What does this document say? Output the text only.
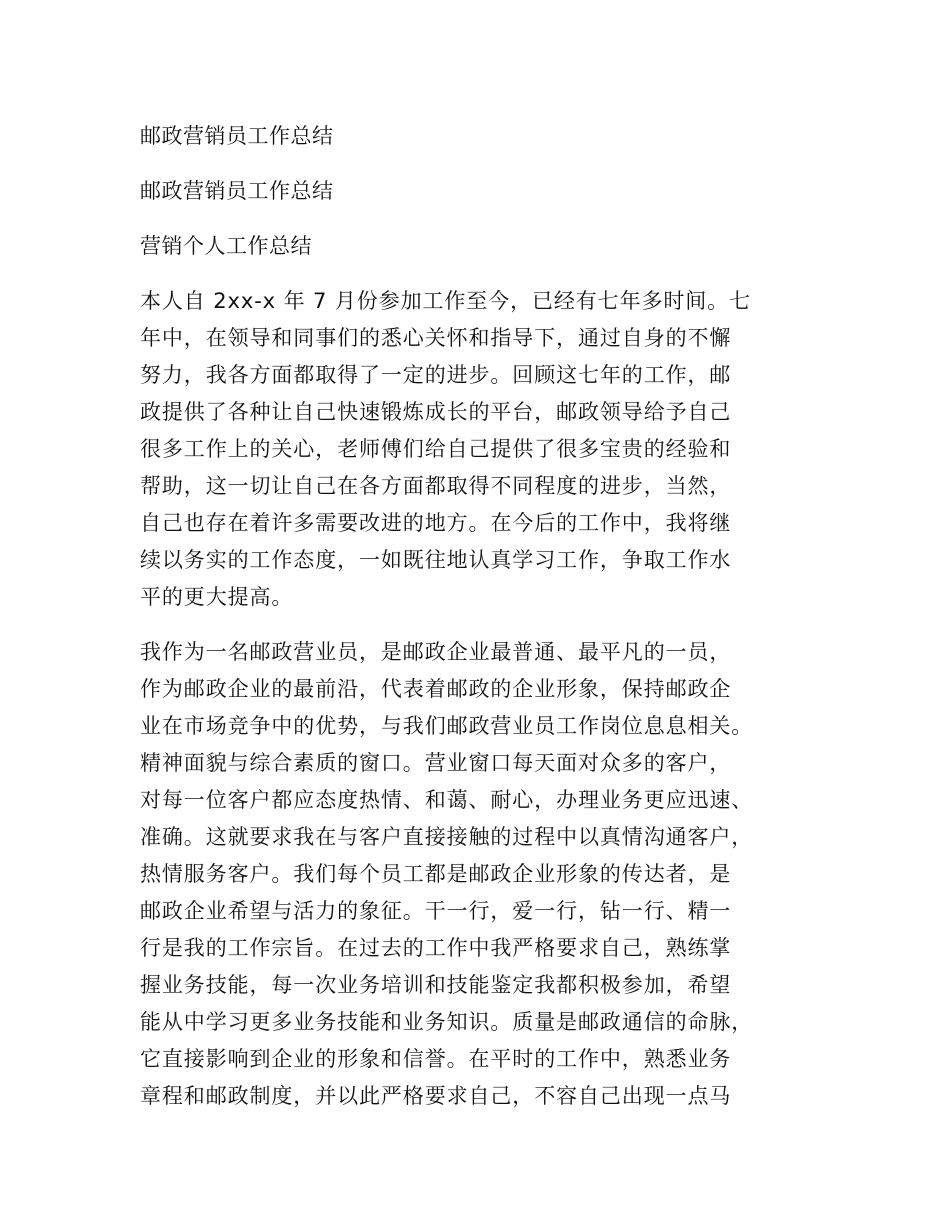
邮政营销员工作总结
邮政营销员工作总结
营销个人工作总结
本人自 2xx-x 年 7 月份参加工作至今，已经有七年多时间。七
年中，在领导和同事们的悉心关怀和指导下，通过自身的不懈
努力，我各方面都取得了一定的进步。回顾这七年的工作，邮
政提供了各种让自己快速锻炼成长的平台，邮政领导给予自己
很多工作上的关心，老师傅们给自己提供了很多宝贵的经验和
帮助，这一切让自己在各方面都取得不同程度的进步，当然，
自己也存在着许多需要改进的地方。在今后的工作中，我将继
续以务实的工作态度，一如既往地认真学习工作，争取工作水
平的更大提高。
我作为一名邮政营业员，是邮政企业最普通、最平凡的一员，
作为邮政企业的最前沿，代表着邮政的企业形象，保持邮政企
业在市场竞争中的优势，与我们邮政营业员工作岗位息息相关。
精神面貌与综合素质的窗口。营业窗口每天面对众多的客户，
对每一位客户都应态度热情、和蔼、耐心，办理业务更应迅速、
准确。这就要求我在与客户直接接触的过程中以真情沟通客户，
热情服务客户。我们每个员工都是邮政企业形象的传达者，是
邮政企业希望与活力的象征。干一行，爱一行，钻一行、精一
行是我的工作宗旨。在过去的工作中我严格要求自己，熟练掌
握业务技能，每一次业务培训和技能鉴定我都积极参加，希望
能从中学习更多业务技能和业务知识。质量是邮政通信的命脉，
它直接影响到企业的形象和信誉。在平时的工作中，熟悉业务
章程和邮政制度，并以此严格要求自己，不容自己出现一点马
